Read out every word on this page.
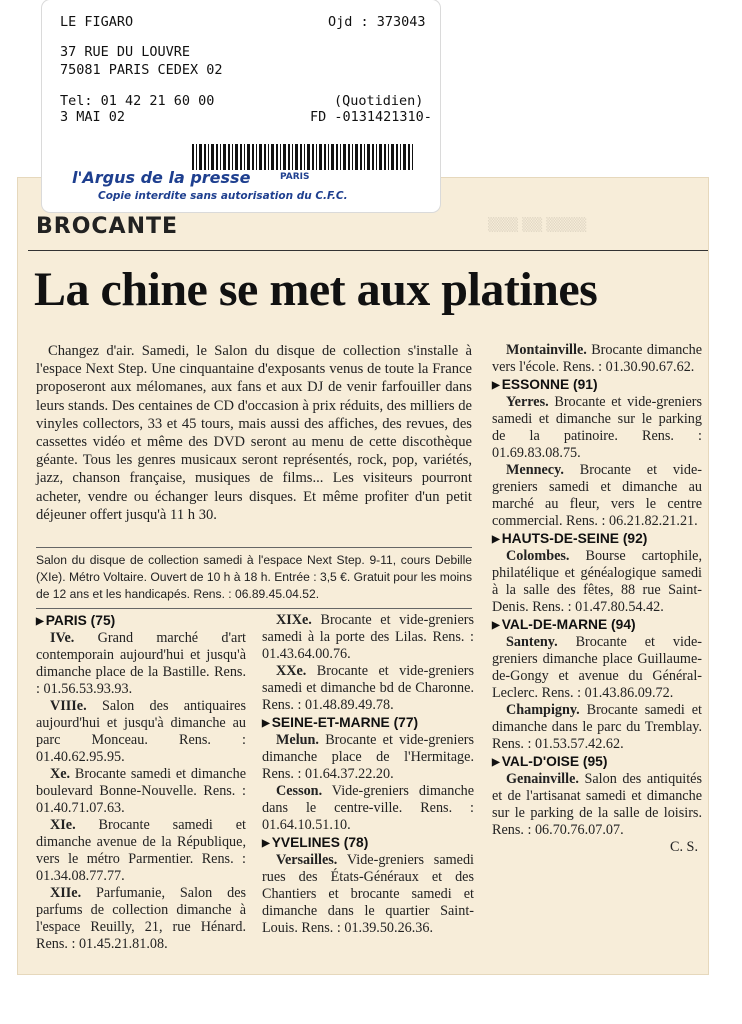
▒▒▒ ▒▒ ▒▒▒▒
LE FIGARO	Ojd : 373043
37 RUE DU LOUVRE
75081 PARIS CEDEX 02
Tel: 01 42 21 60 00	(Quotidien)
3 MAI 02	FD -0131421310-
l'Argus de la presse	PARIS
Copie interdite sans autorisation du C.F.C.
BROCANTE
La chine se met aux platines

Changez d'air. Samedi, le Salon du disque de collection s'installe à l'espace Next Step. Une cinquantaine d'exposants venus de toute la France proposeront aux mélomanes, aux fans et aux DJ de venir farfouiller dans leurs stands. Des centaines de CD d'occasion à prix réduits, des milliers de vinyles collectors, 33 et 45 tours, mais aussi des affiches, des revues, des cassettes vidéo et même des DVD seront au menu de cette discothèque géante. Tous les genres musicaux seront représentés, rock, pop, variétés, jazz, chanson française, musiques de films... Les visiteurs pourront acheter, vendre ou échanger leurs disques. Et même profiter d'un petit déjeuner offert jusqu'à 11 h 30.

Salon du disque de collection samedi à l'espace Next Step. 9-11, cours Debille (XIe). Métro Voltaire. Ouvert de 10 h à 18 h. Entrée : 3,5 €. Gratuit pour les moins de 12 ans et les handicapés. Rens. : 06.89.45.04.52.

▶ PARIS (75)

IVe. Grand marché d'art contemporain aujourd'hui et jusqu'à dimanche place de la Bastille. Rens. : 01.56.53.93.93.

VIIIe. Salon des antiquaires aujourd'hui et jusqu'à dimanche au parc Monceau. Rens. : 01.40.62.95.95.

Xe. Brocante samedi et dimanche boulevard Bonne-Nouvelle. Rens. : 01.40.71.07.63.

XIe. Brocante samedi et dimanche avenue de la République, vers le métro Parmentier. Rens. : 01.34.08.77.77.

XIIe. Parfumanie, Salon des parfums de collection dimanche à l'espace Reuilly, 21, rue Hénard. Rens. : 01.45.21.81.08.

XIXe. Brocante et vide-greniers samedi à la porte des Lilas. Rens. : 01.43.64.00.76.

XXe. Brocante et vide-greniers samedi et dimanche bd de Charonne. Rens. : 01.48.89.49.78.

▶ SEINE-ET-MARNE (77)

Melun. Brocante et vide-greniers dimanche place de l'Hermitage. Rens. : 01.64.37.22.20.

Cesson. Vide-greniers dimanche dans le centre-ville. Rens. : 01.64.10.51.10.

▶ YVELINES (78)

Versailles. Vide-greniers samedi rues des États-Généraux et des Chantiers et brocante samedi et dimanche dans le quartier Saint-Louis. Rens. : 01.39.50.26.36.

Montainville. Brocante dimanche vers l'école. Rens. : 01.30.90.67.62.

▶ ESSONNE (91)

Yerres. Brocante et vide-greniers samedi et dimanche sur le parking de la patinoire. Rens. : 01.69.83.08.75.

Mennecy. Brocante et vide-greniers samedi et dimanche au marché au fleur, vers le centre commercial. Rens. : 06.21.82.21.21.

▶ HAUTS-DE-SEINE (92)

Colombes. Bourse cartophile, philatélique et généalogique samedi à la salle des fêtes, 88 rue Saint-Denis. Rens. : 01.47.80.54.42.

▶ VAL-DE-MARNE (94)

Santeny. Brocante et vide-greniers dimanche place Guillaume-de-Gongy et avenue du Général-Leclerc. Rens. : 01.43.86.09.72.

Champigny. Brocante samedi et dimanche dans le parc du Tremblay. Rens. : 01.53.57.42.62.

▶ VAL-D'OISE (95)

Genainville. Salon des antiquités et de l'artisanat samedi et dimanche sur le parking de la salle de loisirs. Rens. : 06.70.76.07.07.

C. S.
